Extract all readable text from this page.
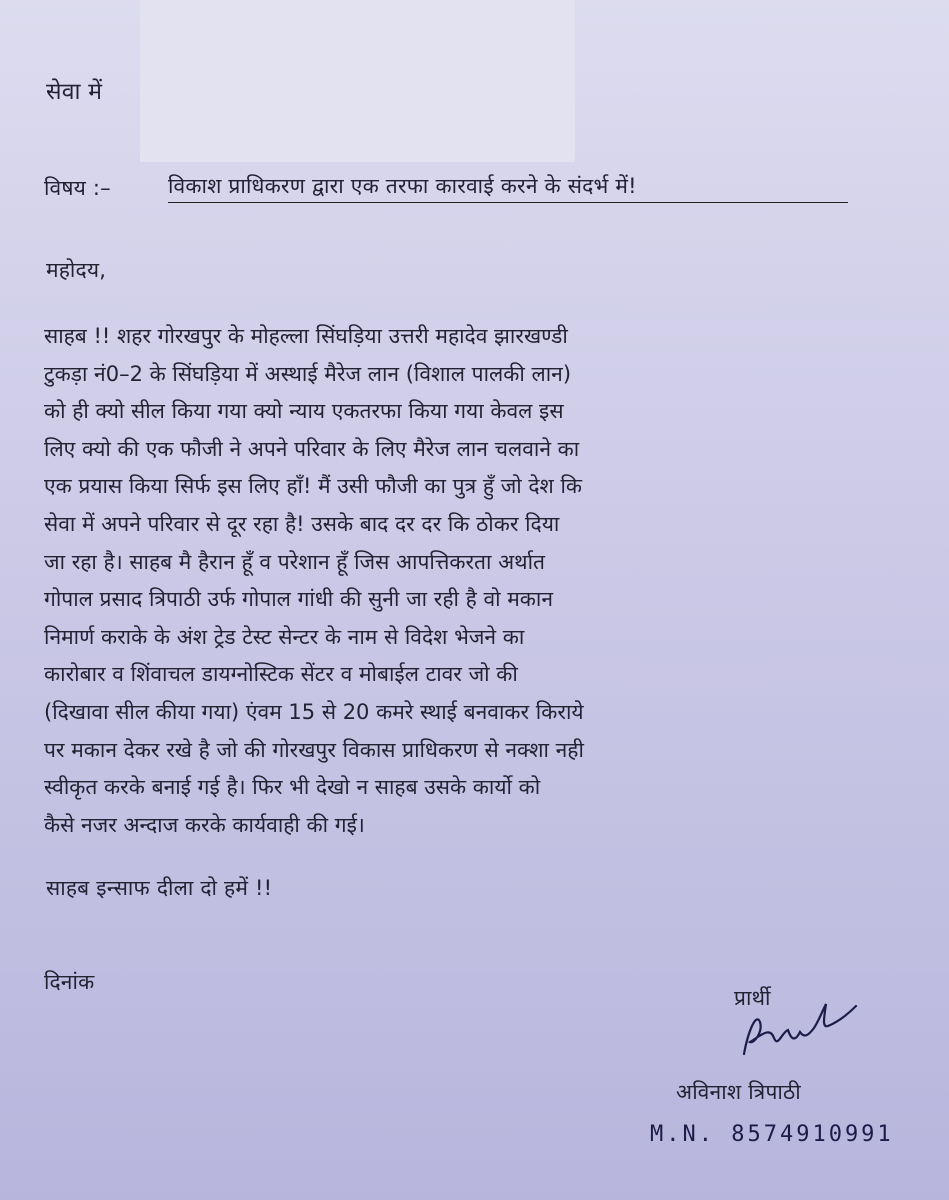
सेवा में
विषय :–	विकाश प्राधिकरण द्वारा एक तरफा कारवाई करने के संदर्भ में!
महोदय,
साहब !! शहर गोरखपुर के मोहल्ला सिंघड़िया उत्तरी महादेव झारखण्डी
टुकड़ा नं0–2 के सिंघड़िया में अस्थाई मैरेज लान (विशाल पालकी लान)
को ही क्यो सील किया गया क्यो न्याय एकतरफा किया गया केवल इस
लिए क्यो की एक फौजी ने अपने परिवार के लिए मैरेज लान चलवाने का
एक प्रयास किया सिर्फ इस लिए हाँ! मैं उसी फौजी का पुत्र हुँ जो देश कि
सेवा में अपने परिवार से दूर रहा है! उसके बाद दर दर कि ठोकर दिया
जा रहा है। साहब मै हैरान हूँ व परेशान हूँ जिस आपत्तिकरता अर्थात
गोपाल प्रसाद त्रिपाठी उर्फ गोपाल गांधी की सुनी जा रही है वो मकान
निमार्ण कराके के अंश ट्रेड टेस्ट सेन्टर के नाम से विदेश भेजने का
कारोबार व शिंवाचल डायग्नोस्टिक सेंटर व मोबाईल टावर जो की
(दिखावा सील कीया गया) एंवम 15 से 20 कमरे स्थाई बनवाकर किराये
पर मकान देकर रखे है जो की गोरखपुर विकास प्राधिकरण से नक्शा नही
स्वीकृत करके बनाई गई है। फिर भी देखो न साहब उसके कार्यो को
कैसे नजर अन्दाज करके कार्यवाही की गई।
साहब इन्साफ दीला दो हमें !!
दिनांक
प्रार्थी
अविनाश त्रिपाठी
M.N. 8574910991
